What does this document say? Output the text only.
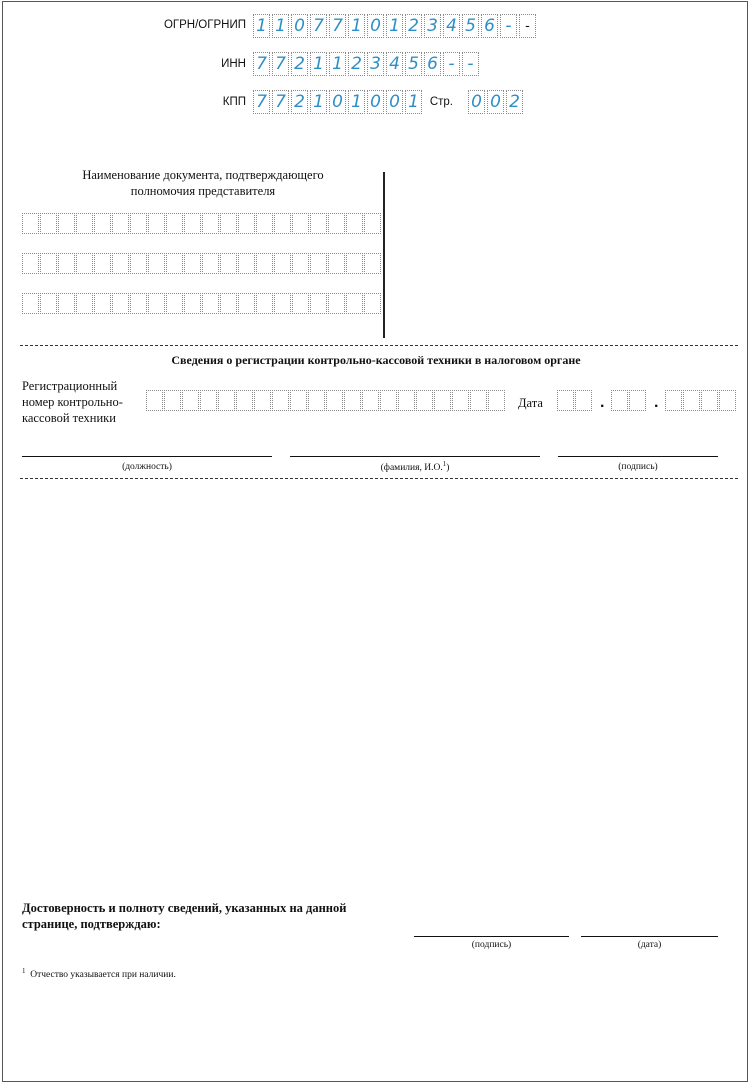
ОГРН/ОГРНИП 1 1 0 7 7 1 0 1 2 3 4 5 6 -	-
ИНН 7 7 2 1 1 2 3 4 5 6 - -
КПП 7 7 2 1 0 1 0 0 1 Стр. 0 0 2
Наименование документа, подтверждающего полномочия представителя
Сведения о регистрации контрольно-кассовой техники в налоговом органе
Регистрационный номер контрольно-кассовой техники
Дата	.	.
(должность)	(фамилия, И.О.$^1$)	(подпись)
Достоверность и полноту сведений, указанных на данной странице, подтверждаю:
(подпись)	(дата)
$^1$ Отчество указывается при наличии.
